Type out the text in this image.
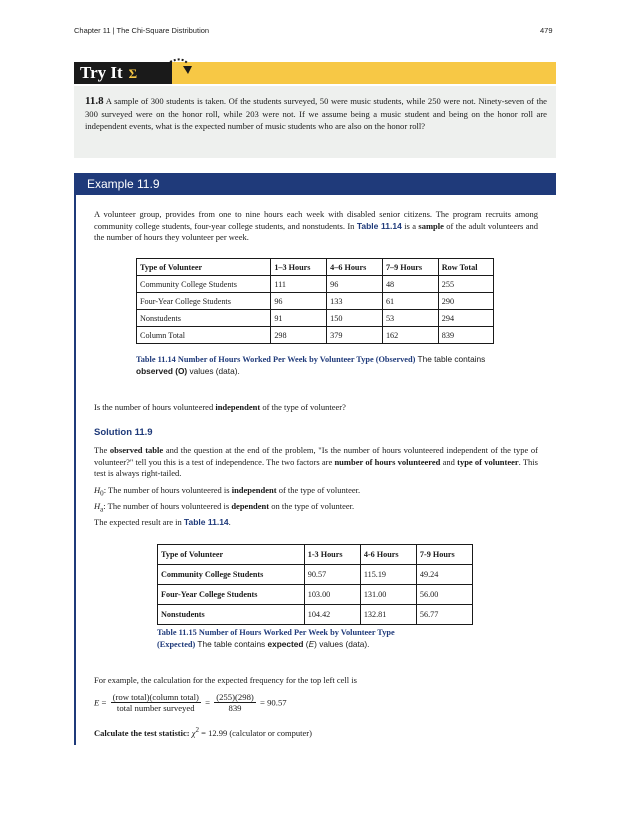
Chapter 11 | The Chi-Square Distribution	479
Try It Σ
11.8 A sample of 300 students is taken. Of the students surveyed, 50 were music students, while 250 were not. Ninety-seven of the 300 surveyed were on the honor roll, while 203 were not. If we assume being a music student and being on the honor roll are independent events, what is the expected number of music students who are also on the honor roll?
Example 11.9
A volunteer group, provides from one to nine hours each week with disabled senior citizens. The program recruits among community college students, four-year college students, and nonstudents. In Table 11.14 is a sample of the adult volunteers and the number of hours they volunteer per week.
Type of Volunteer	1–3 Hours	4–6 Hours	7–9 Hours	Row Total
Community College Students	111	96	48	255
Four-Year College Students	96	133	61	290
Nonstudents	91	150	53	294
Column Total	298	379	162	839
Table 11.14 Number of Hours Worked Per Week by Volunteer Type (Observed) The table contains observed (O) values (data).
Is the number of hours volunteered independent of the type of volunteer?
Solution 11.9
The observed table and the question at the end of the problem, "Is the number of hours volunteered independent of the type of volunteer?" tell you this is a test of independence. The two factors are number of hours volunteered and type of volunteer. This test is always right-tailed.
$H_0$: The number of hours volunteered is independent of the type of volunteer.
$H_a$: The number of hours volunteered is dependent on the type of volunteer.
The expected result are in Table 11.14.
Type of Volunteer	1-3 Hours	4-6 Hours	7-9 Hours
Community College Students	90.57	115.19	49.24
Four-Year College Students	103.00	131.00	56.00
Nonstudents	104.42	132.81	56.77
Table 11.15 Number of Hours Worked Per Week by Volunteer Type
(Expected) The table contains expected (E) values (data).
For example, the calculation for the expected frequency for the top left cell is
$E = \frac{\text{(row total)(column total)}}{\text{total number surveyed}} = \frac{(255)(298)}{839} = 90.57$
Calculate the test statistic: $\chi^2 = 12.99$ (calculator or computer)
